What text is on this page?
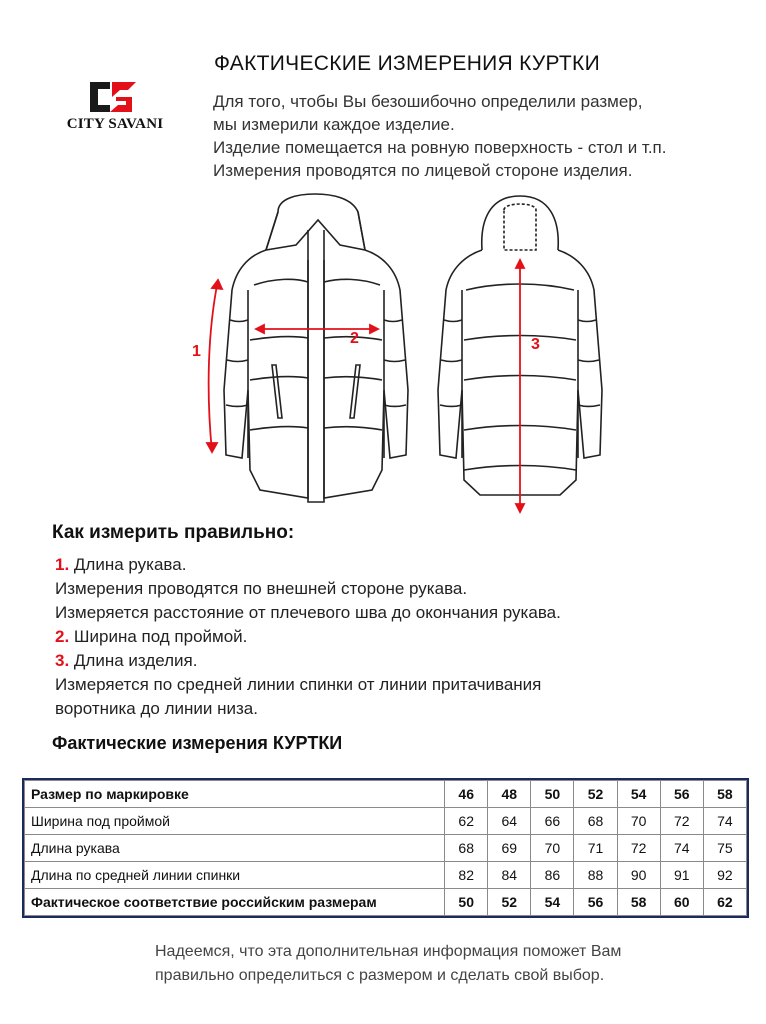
CITY SAVANI
ФАКТИЧЕСКИЕ ИЗМЕРЕНИЯ КУРТКИ
Для того, чтобы Вы безошибочно определили размер,
мы измерили каждое изделие.
Изделие помещается на ровную поверхность - стол и т.п.
Измерения проводятся по лицевой стороне изделия.
1
2	3
Как измерить правильно:
1. Длина рукава.
Измерения проводятся по внешней стороне рукава.
Измеряется расстояние от плечевого шва до окончания рукава.
2. Ширина под проймой.
3. Длина изделия.
Измеряется по средней линии спинки от линии притачивания
воротника до линии низа.
Фактические измерения КУРТКИ
Размер по маркировке	46	48	50	52	54	56	58
Ширина под проймой	62	64	66	68	70	72	74
Длина рукава	68	69	70	71	72	74	75
Длина по средней линии спинки	82	84	86	88	90	91	92
Фактическое соответствие российским размерам	50	52	54	56	58	60	62
Надеемся, что эта дополнительная информация поможет Вам
правильно определиться с размером и сделать свой выбор.
